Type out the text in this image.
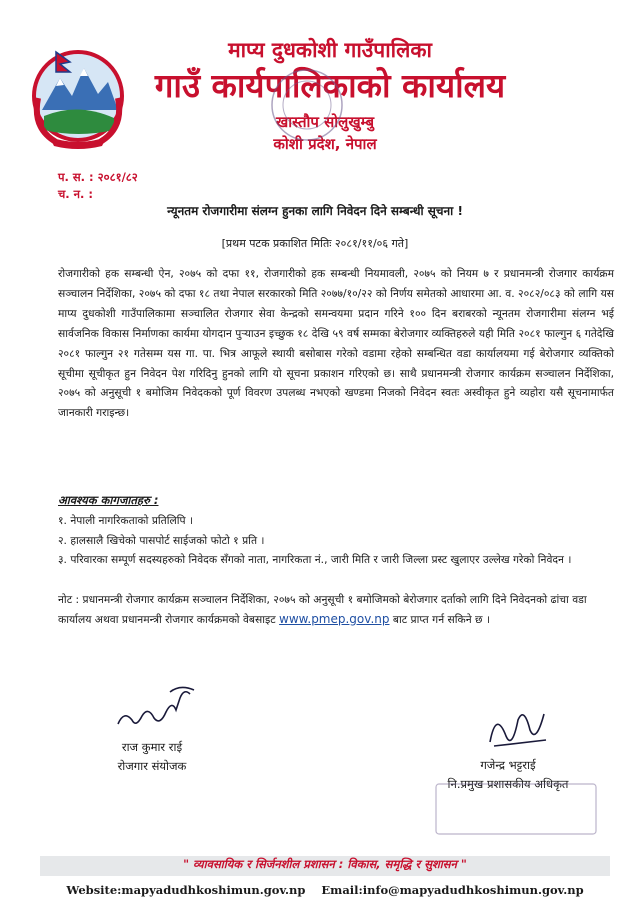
माप्य दुधकोशी गाउँपालिका
गाउँ कार्यपालिकाको कार्यालय
खास्तौप सोलुखुम्बु
कोशी प्रदेश, नेपाल
प. स. : २०८१/८२
च. न. :
न्यूनतम रोजगारीमा संलग्न हुनका लागि निवेदन दिने सम्बन्धी सूचना !
[प्रथम पटक प्रकाशित मितिः २०८१/११/०६ गते]
रोजगारीको हक सम्बन्धी ऐन, २०७५ को दफा ११, रोजगारीको हक सम्बन्धी नियमावली, २०७५ को नियम ७ र प्रधानमन्त्री रोजगार कार्यक्रम सञ्चालन निर्देशिका, २०७५ को दफा १८ तथा नेपाल सरकारको मिति २०७७/१०/२२ को निर्णय समेतको आधारमा आ. व. २०८२/०८३ को लागि यस माप्य दुधकोशी गाउँपालिकामा सञ्चालित रोजगार सेवा केन्द्रको समन्वयमा प्रदान गरिने १०० दिन बराबरको न्यूनतम रोजगारीमा संलग्न भई सार्वजनिक विकास निर्माणका कार्यमा योगदान पुऱ्याउन इच्छुक १८ देखि ५९ वर्ष सम्मका बेरोजगार व्यक्तिहरुले यही मिति २०८१ फाल्गुन ६ गतेदेखि २०८१ फाल्गुन २१ गतेसम्म यस गा. पा. भित्र आफूले स्थायी बसोबास गरेको वडामा रहेको सम्बन्धित वडा कार्यालयमा गई बेरोजगार व्यक्तिको सूचीमा सूचीकृत हुन निवेदन पेश गरिदिनु हुनको लागि यो सूचना प्रकाशन गरिएको छ। साथै प्रधानमन्त्री रोजगार कार्यक्रम सञ्चालन निर्देशिका, २०७५ को अनुसूची १ बमोजिम निवेदकको पूर्ण विवरण उपलब्ध नभएको खण्डमा निजको निवेदन स्वतः अस्वीकृत हुने व्यहोरा यसै सूचनामार्फत जानकारी गराइन्छ।
आवश्यक कागजातहरु :
१. नेपाली नागरिकताको प्रतिलिपि ।
२. हालसालै खिचेको पासपोर्ट साईजको फोटो १ प्रति ।
३. परिवारका सम्पूर्ण सदस्यहरुको निवेदक सँगको नाता, नागरिकता नं., जारी मिति र जारी जिल्ला प्रस्ट खुलाएर उल्लेख गरेको निवेदन ।
नोट : प्रधानमन्त्री रोजगार कार्यक्रम सञ्चालन निर्देशिका, २०७५ को अनुसूची १ बमोजिमको बेरोजगार दर्ताको लागि दिने निवेदनको ढांचा वडा कार्यालय अथवा प्रधानमन्त्री रोजगार कार्यक्रमको वेबसाइट www.pmep.gov.np बाट प्राप्त गर्न सकिने छ ।
राज कुमार राई
रोजगार संयोजक	गजेन्द्र भट्टराई
नि.प्रमुख प्रशासकीय अधिकृत
" व्यावसायिक र सिर्जनशील प्रशासन : विकास, समृद्धि र सुशासन "
Website:mapyadudhkoshimun.gov.np    Email:info@mapyadudhkoshimun.gov.np
